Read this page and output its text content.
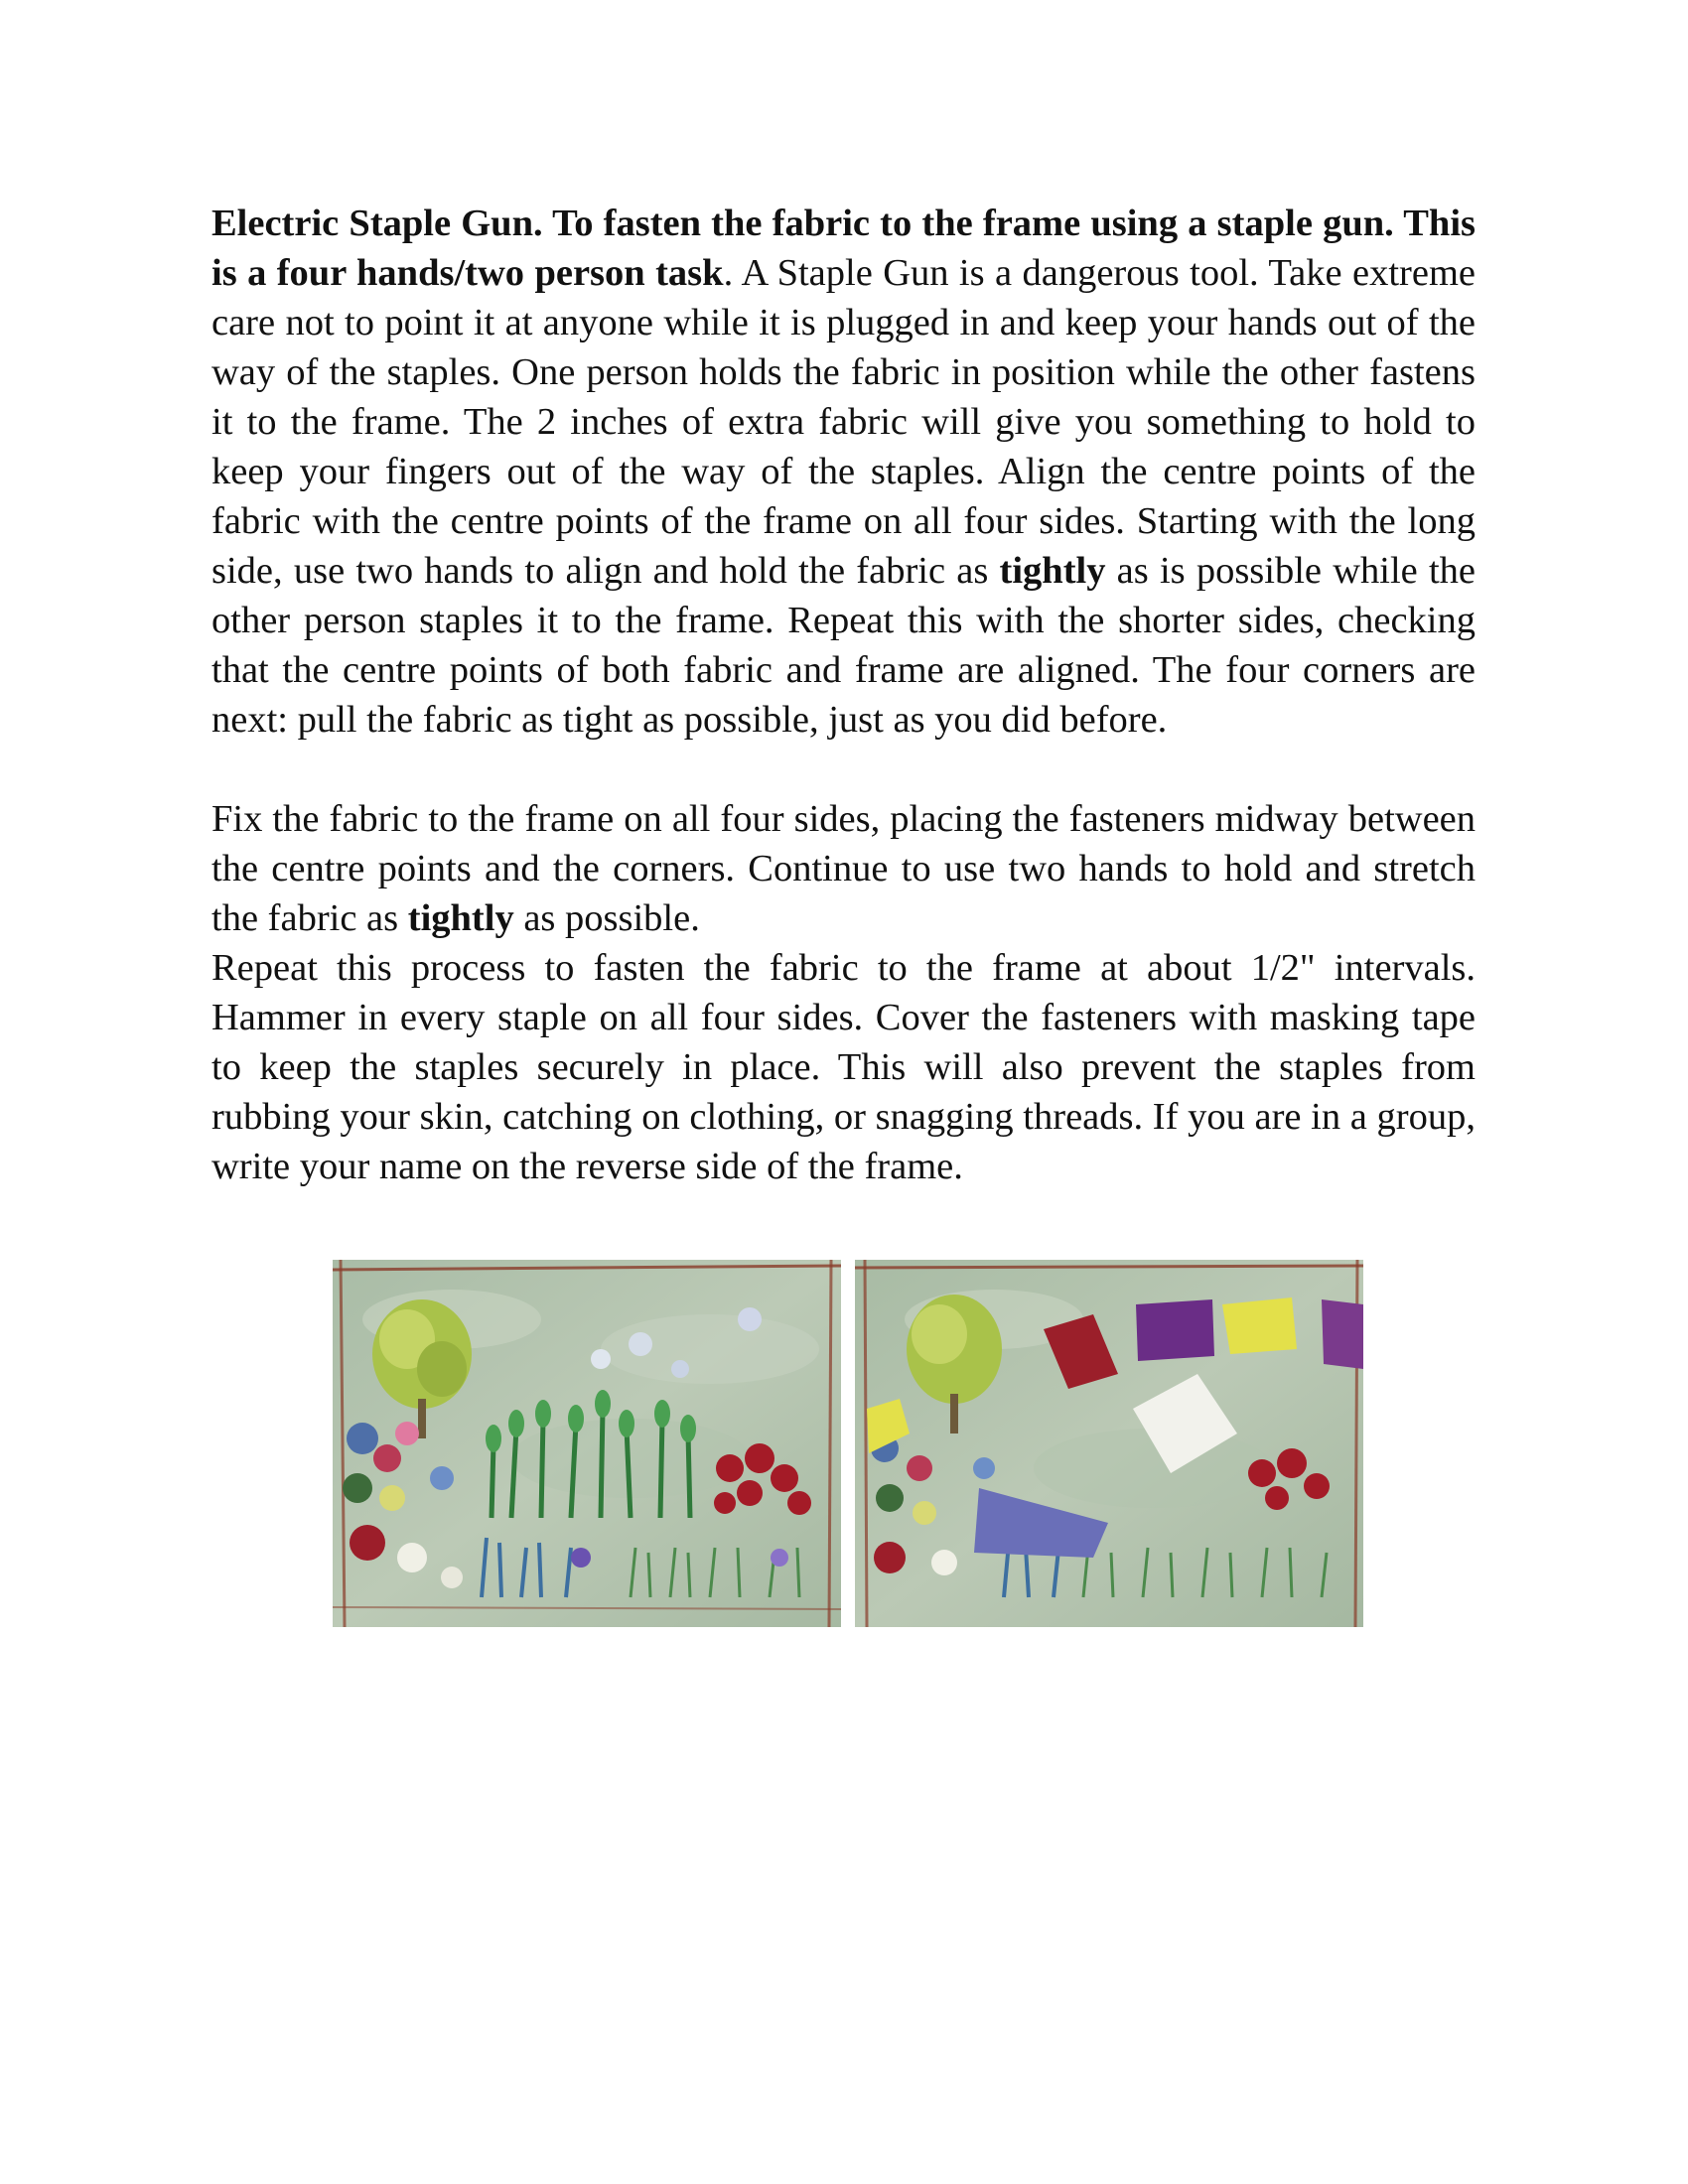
Electric Staple Gun. To fasten the fabric to the frame using a staple gun. This is a four hands/two person task. A Staple Gun is a dangerous tool. Take extreme care not to point it at anyone while it is plugged in and keep your hands out of the way of the staples. One person holds the fabric in position while the other fastens it to the frame. The 2 inches of extra fabric will give you something to hold to keep your fingers out of the way of the staples. Align the centre points of the fabric with the centre points of the frame on all four sides. Starting with the long side, use two hands to align and hold the fabric as tightly as is possible while the other person staples it to the frame. Repeat this with the shorter sides, checking that the centre points of both fabric and frame are aligned. The four corners are next: pull the fabric as tight as possible, just as you did before.

Fix the fabric to the frame on all four sides, placing the fasteners midway between the centre points and the corners. Continue to use two hands to hold and stretch the fabric as tightly as possible.

Repeat this process to fasten the fabric to the frame at about 1/2" intervals. Hammer in every staple on all four sides. Cover the fasteners with masking tape to keep the staples securely in place. This will also prevent the staples from rubbing your skin, catching on clothing, or snagging threads. If you are in a group, write your name on the reverse side of the frame.
